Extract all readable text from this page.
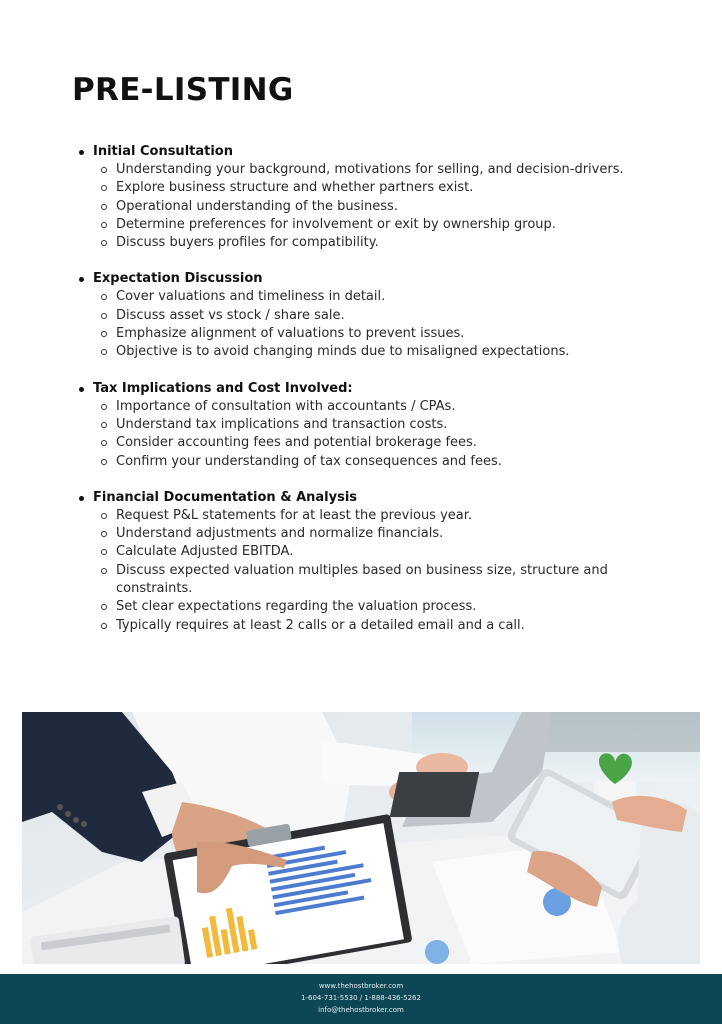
PRE-LISTING
Initial Consultation
Understanding your background, motivations for selling, and decision-drivers.
Explore business structure and whether partners exist.
Operational understanding of the business.
Determine preferences for involvement or exit by ownership group.
Discuss buyers profiles for compatibility.
Expectation Discussion
Cover valuations and timeliness in detail.
Discuss asset vs stock / share sale.
Emphasize alignment of valuations to prevent issues.
Objective is to avoid changing minds due to misaligned expectations.
Tax Implications and Cost Involved:
Importance of consultation with accountants / CPAs.
Understand tax implications and transaction costs.
Consider accounting fees and potential brokerage fees.
Confirm your understanding of tax consequences and fees.
Financial Documentation & Analysis
Request P&L statements for at least the previous year.
Understand adjustments and normalize financials.
Calculate Adjusted EBITDA.
Discuss expected valuation multiples based on business size, structure and constraints.
Set clear expectations regarding the valuation process.
Typically requires at least 2 calls or a detailed email and a call.
www.thehostbroker.com
1-604-731-5530 / 1-888-436-5262
info@thehostbroker.com
